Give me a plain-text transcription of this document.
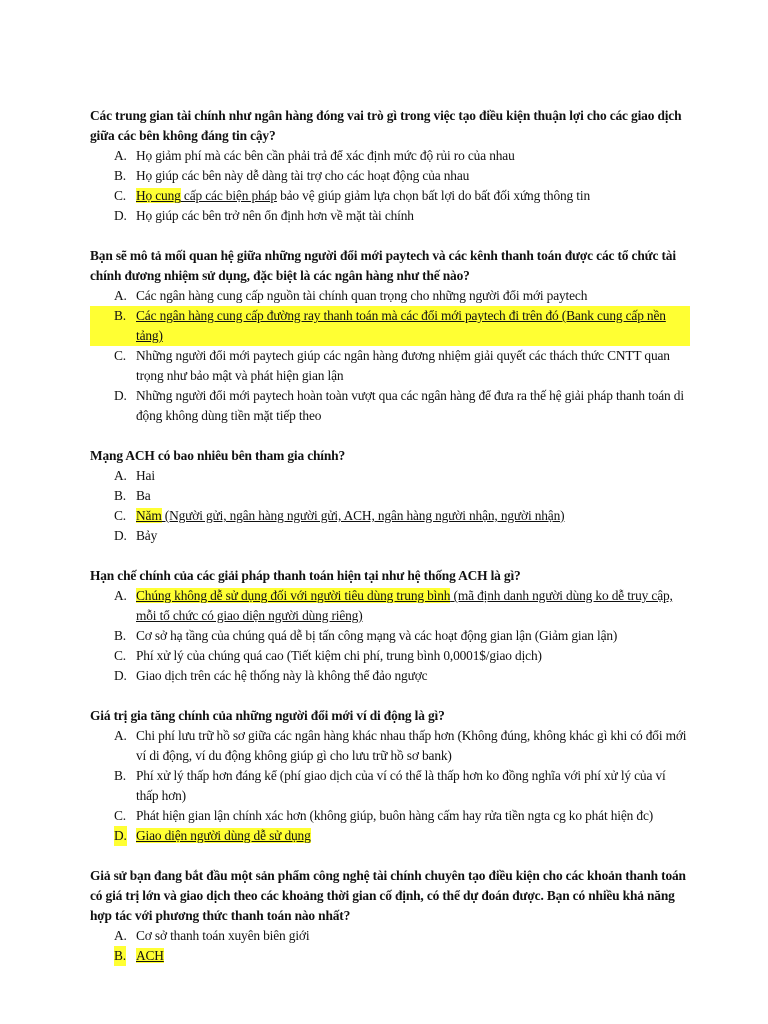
Các trung gian tài chính như ngân hàng đóng vai trò gì trong việc tạo điều kiện thuận lợi cho các giao dịch giữa các bên không đáng tin cậy?
A. Họ giảm phí mà các bên cần phải trả để xác định mức độ rủi ro của nhau
B. Họ giúp các bên này dễ dàng tài trợ cho các hoạt động của nhau
C. Họ cung cấp các biện pháp bảo vệ giúp giảm lựa chọn bất lợi do bất đối xứng thông tin
D. Họ giúp các bên trở nên ổn định hơn về mặt tài chính
Bạn sẽ mô tả mối quan hệ giữa những người đổi mới paytech và các kênh thanh toán được các tổ chức tài chính đương nhiệm sử dụng, đặc biệt là các ngân hàng như thế nào?
A. Các ngân hàng cung cấp nguồn tài chính quan trọng cho những người đổi mới paytech
B. Các ngân hàng cung cấp đường ray thanh toán mà các đổi mới paytech đi trên đó (Bank cung cấp nền tảng)
C. Những người đổi mới paytech giúp các ngân hàng đương nhiệm giải quyết các thách thức CNTT quan trọng như bảo mật và phát hiện gian lận
D. Những người đổi mới paytech hoàn toàn vượt qua các ngân hàng để đưa ra thế hệ giải pháp thanh toán di động không dùng tiền mặt tiếp theo
Mạng ACH có bao nhiêu bên tham gia chính?
A. Hai
B. Ba
C. Năm (Người gửi, ngân hàng người gửi, ACH, ngân hàng người nhận, người nhận)
D. Bảy
Hạn chế chính của các giải pháp thanh toán hiện tại như hệ thống ACH là gì?
A. Chúng không dễ sử dụng đối với người tiêu dùng trung bình (mã định danh người dùng ko dễ truy cập, mỗi tổ chức có giao diện người dùng riêng)
B. Cơ sở hạ tầng của chúng quá dễ bị tấn công mạng và các hoạt động gian lận (Giảm gian lận)
C. Phí xử lý của chúng quá cao (Tiết kiệm chi phí, trung bình 0,0001$/giao dịch)
D. Giao dịch trên các hệ thống này là không thể đảo ngược
Giá trị gia tăng chính của những người đổi mới ví di động là gì?
A. Chi phí lưu trữ hồ sơ giữa các ngân hàng khác nhau thấp hơn (Không đúng, không khác gì khi có đổi mới ví di động, ví du động không giúp gì cho lưu trữ hồ sơ bank)
B. Phí xử lý thấp hơn đáng kể (phí giao dịch của ví có thể là thấp hơn ko đồng nghĩa với phí xử lý của ví thấp hơn)
C. Phát hiện gian lận chính xác hơn (không giúp, buôn hàng cấm hay rửa tiền ngta cg ko phát hiện đc)
D. Giao diện người dùng dễ sử dụng
Giả sử bạn đang bắt đầu một sản phẩm công nghệ tài chính chuyên tạo điều kiện cho các khoản thanh toán có giá trị lớn và giao dịch theo các khoảng thời gian cố định, có thể dự đoán được. Bạn có nhiều khả năng hợp tác với phương thức thanh toán nào nhất?
A. Cơ sở thanh toán xuyên biên giới
B. ACH
